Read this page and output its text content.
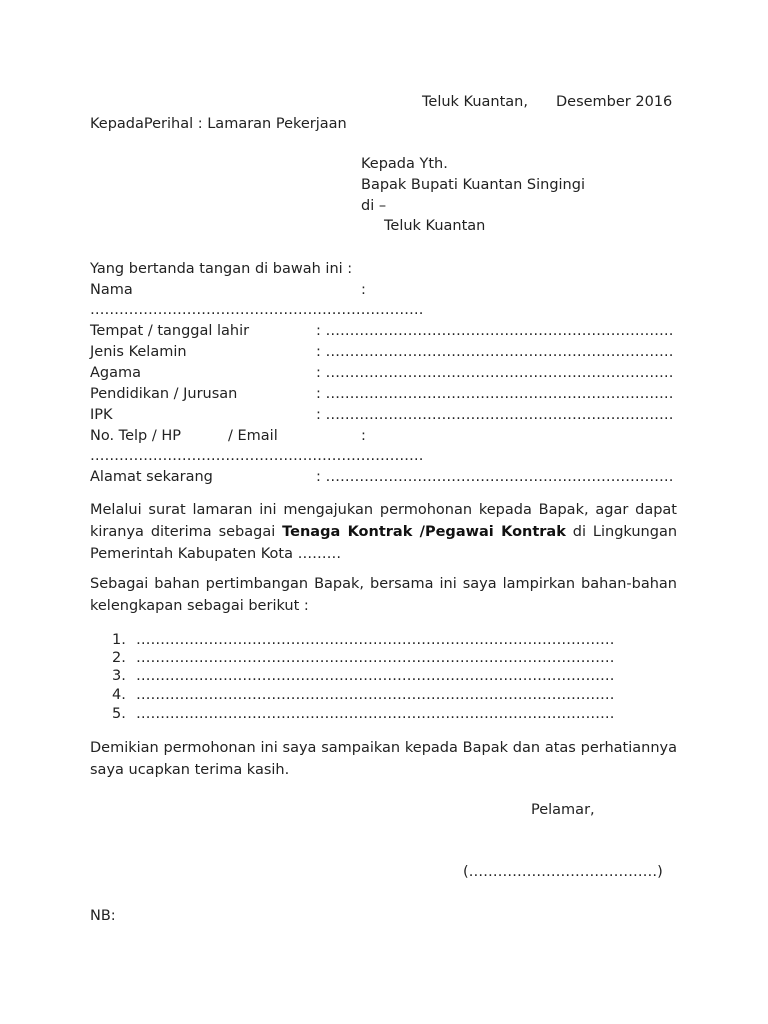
Teluk Kuantan, Desember 2016
KepadaPerihal : Lamaran Pekerjaan
Kepada Yth.
Bapak Bupati Kuantan Singingi
di –
Teluk Kuantan
Yang bertanda tangan di bawah ini :
Nama	:
……………………………………………………………
Tempat / tanggal lahir	: ………………………………………………………………
Jenis Kelamin	: ………………………………………………………………
Agama	: ………………………………………………………………
Pendidikan / Jurusan	: ………………………………………………………………
IPK	: ………………………………………………………………
No. Telp / HP	/ Email	:
……………………………………………………………
Alamat sekarang	: ………………………………………………………………
Melalui surat lamaran ini mengajukan permohonan kepada Bapak, agar dapat kiranya diterima sebagai Tenaga Kontrak /Pegawai Kontrak di Lingkungan Pemerintah Kabupaten Kota ………
Sebagai bahan pertimbangan Bapak, bersama ini saya lampirkan bahan-bahan kelengkapan sebagai berikut :
1. ………………………………………………………………………………………
2. ………………………………………………………………………………………
3. ………………………………………………………………………………………
4. ………………………………………………………………………………………
5. ………………………………………………………………………………………
Demikian permohonan ini saya sampaikan kepada Bapak dan atas perhatiannya saya ucapkan terima kasih.
Pelamar,
(…………………………………)
NB:
